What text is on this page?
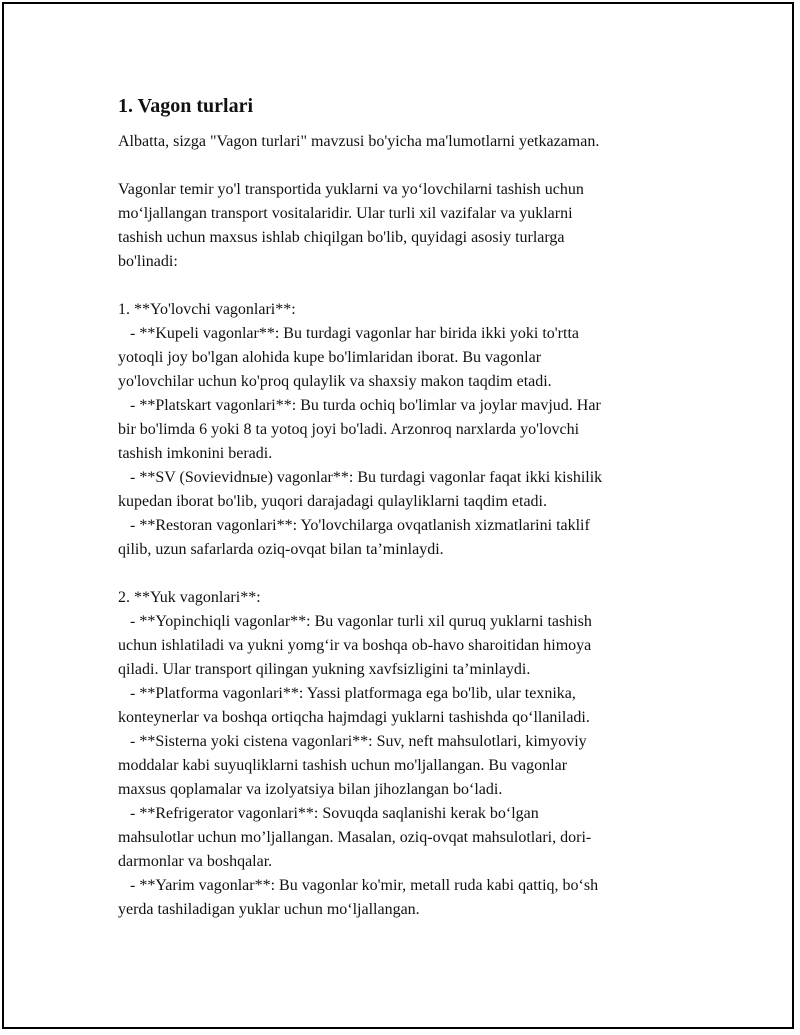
1. Vagon turlari

Albatta, sizga "Vagon turlari" mavzusi bo'yicha ma'lumotlarni yetkazaman.

Vagonlar temir yo'l transportida yuklarni va yo‘lovchilarni tashish uchun
mo‘ljallangan transport vositalaridir. Ular turli xil vazifalar va yuklarni
tashish uchun maxsus ishlab chiqilgan bo'lib, quyidagi asosiy turlarga
bo'linadi:

1. **Yo'lovchi vagonlari**:
- **Kupeli vagonlar**: Bu turdagi vagonlar har birida ikki yoki to'rtta
yotoqli joy bo'lgan alohida kupe bo'limlaridan iborat. Bu vagonlar
yo'lovchilar uchun ko'proq qulaylik va shaxsiy makon taqdim etadi.
- **Platskart vagonlari**: Bu turda ochiq bo'limlar va joylar mavjud. Har
bir bo'limda 6 yoki 8 ta yotoq joyi bo'ladi. Arzonroq narxlarda yo'lovchi
tashish imkonini beradi.
- **SV (Sovievidnыe) vagonlar**: Bu turdagi vagonlar faqat ikki kishilik
kupedan iborat bo'lib, yuqori darajadagi qulayliklarni taqdim etadi.
- **Restoran vagonlari**: Yo'lovchilarga ovqatlanish xizmatlarini taklif
qilib, uzun safarlarda oziq-ovqat bilan ta’minlaydi.

2. **Yuk vagonlari**:
- **Yopinchiqli vagonlar**: Bu vagonlar turli xil quruq yuklarni tashish
uchun ishlatiladi va yukni yomg‘ir va boshqa ob-havo sharoitidan himoya
qiladi. Ular transport qilingan yukning xavfsizligini ta’minlaydi.
- **Platforma vagonlari**: Yassi platformaga ega bo'lib, ular texnika,
konteynerlar va boshqa ortiqcha hajmdagi yuklarni tashishda qo‘llaniladi.
- **Sisterna yoki cistena vagonlari**: Suv, neft mahsulotlari, kimyoviy
moddalar kabi suyuqliklarni tashish uchun mo'ljallangan. Bu vagonlar
maxsus qoplamalar va izolyatsiya bilan jihozlangan bo‘ladi.
- **Refrigerator vagonlari**: Sovuqda saqlanishi kerak bo‘lgan
mahsulotlar uchun mo’ljallangan. Masalan, oziq-ovqat mahsulotlari, dori-
darmonlar va boshqalar.
- **Yarim vagonlar**: Bu vagonlar ko'mir, metall ruda kabi qattiq, bo‘sh
yerda tashiladigan yuklar uchun mo‘ljallangan.
